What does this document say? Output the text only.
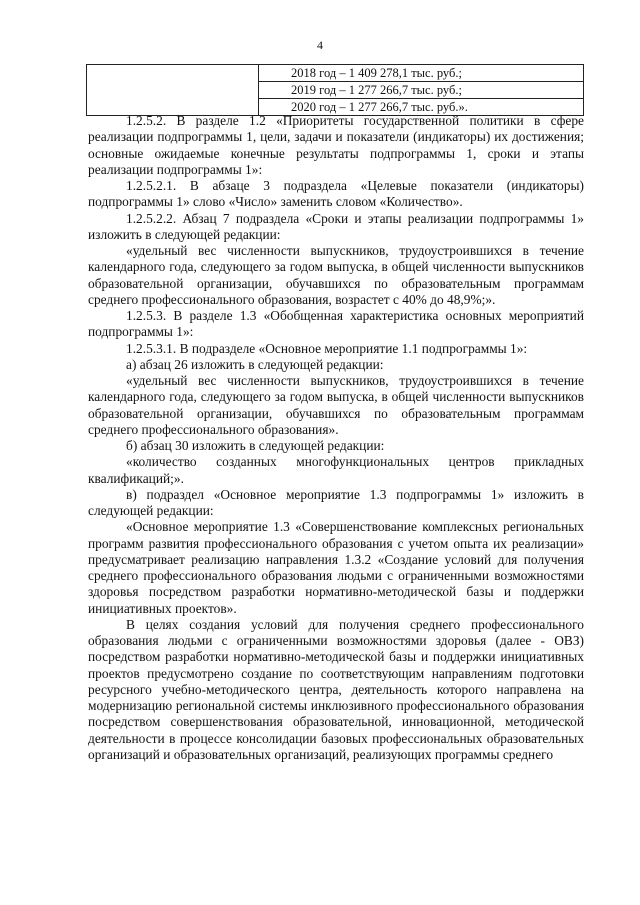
4
	2018 год – 1 409 278,1 тыс. руб.;
2019 год – 1 277 266,7 тыс. руб.;
2020 год – 1 277 266,7 тыс. руб.».

1.2.5.2. В разделе 1.2 «Приоритеты государственной политики в сфере реализации подпрограммы 1, цели, задачи и показатели (индикаторы) их достижения; основные ожидаемые конечные результаты подпрограммы 1, сроки и этапы реализации подпрограммы 1»:

1.2.5.2.1. В абзаце 3 подраздела «Целевые показатели (индикаторы) подпрограммы 1» слово «Число» заменить словом «Количество».

1.2.5.2.2. Абзац 7 подраздела «Сроки и этапы реализации подпрограммы 1» изложить в следующей редакции:

«удельный вес численности выпускников, трудоустроившихся в течение календарного года, следующего за годом выпуска, в общей численности выпускников образовательной организации, обучавшихся по образовательным программам среднего профессионального образования, возрастет с 40% до 48,9%;».

1.2.5.3. В разделе 1.3 «Обобщенная характеристика основных мероприятий подпрограммы 1»:

1.2.5.3.1. В подразделе «Основное мероприятие 1.1 подпрограммы 1»:

а) абзац 26 изложить в следующей редакции:

«удельный вес численности выпускников, трудоустроившихся в течение календарного года, следующего за годом выпуска, в общей численности выпускников образовательной организации, обучавшихся по образовательным программам среднего профессионального образования».

б) абзац 30 изложить в следующей редакции:

«количество созданных многофункциональных центров прикладных квалификаций;».

в) подраздел «Основное мероприятие 1.3 подпрограммы 1» изложить в следующей редакции:

«Основное мероприятие 1.3 «Совершенствование комплексных региональных программ развития профессионального образования с учетом опыта их реализации» предусматривает реализацию направления 1.3.2 «Создание условий для получения среднего профессионального образования людьми с ограниченными возможностями здоровья посредством разработки нормативно-методической базы и поддержки инициативных проектов».

В целях создания условий для получения среднего профессионального образования людьми с ограниченными возможностями здоровья (далее - ОВЗ) посредством разработки нормативно-методической базы и поддержки инициативных проектов предусмотрено создание по соответствующим направлениям подготовки ресурсного учебно-методического центра, деятельность которого направлена на модернизацию региональной системы инклюзивного профессионального образования посредством совершенствования образовательной, инновационной, методической деятельности в процессе консолидации базовых профессиональных образовательных организаций и образовательных организаций, реализующих программы среднего
